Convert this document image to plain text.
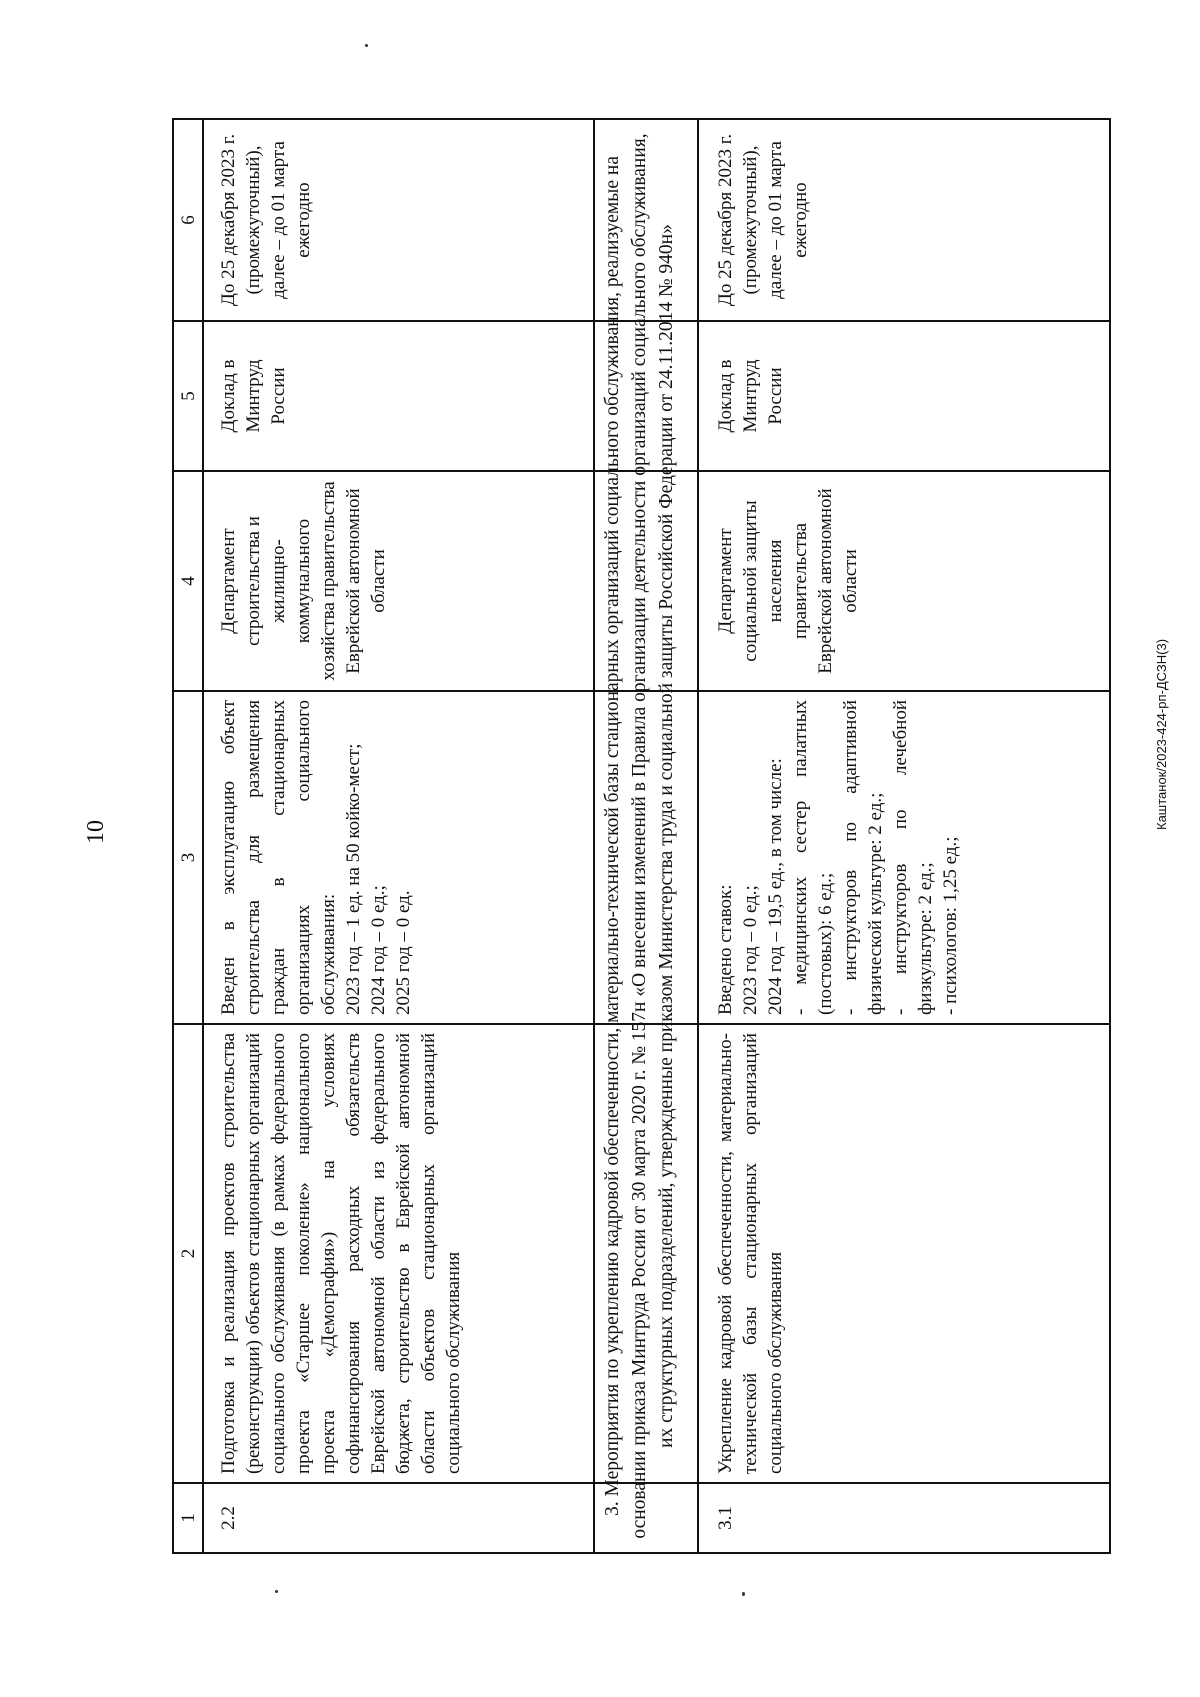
10
Каштанок/2023-424-рп-ДСЗН(3)
6
5
4
3
2
1
До 25 декабря 2023 г. (промежуточный), далее – до 01 марта ежегодно
Доклад в Минтруд России
Департамент строительства и жилищно-коммунального хозяйства правительства Еврейской автономной области
Введен в эксплуатацию объект строительства для размещения граждан в стационарных организациях социального обслуживания: 2023 год – 1 ед. на 50 койко-мест; 2024 год – 0 ед.; 2025 год – 0 ед.
Подготовка и реализация проектов строительства (реконструкции) объектов стационарных организаций социального обслуживания (в рамках федерального проекта «Старшее поколение» национального проекта «Демография») на условиях софинансирования расходных обязательств Еврейской автономной области из федерального бюджета, строительство в Еврейской автономной области объектов стационарных организаций социального обслуживания
2.2
3. Мероприятия по укреплению кадровой обеспеченности, материально-технической базы стационарных организаций социального обслуживания, реализуемые на основании приказа Минтруда России от 30 марта 2020 г. № 157н «О внесении изменений в Правила организации деятельности организаций социального обслуживания, их структурных подразделений, утвержденные приказом Министерства труда и социальной защиты Российской Федерации от 24.11.2014 № 940н»
До 25 декабря 2023 г. (промежуточный), далее – до 01 марта ежегодно
Доклад в Минтруд России
Департамент социальной защиты населения правительства Еврейской автономной области
Введено ставок: 2023 год – 0 ед.; 2024 год – 19,5 ед., в том числе: - медицинских сестер палатных (постовых): 6 ед.; - инструкторов по адаптивной физической культуре: 2 ед.; - инструкторов по лечебной физкультуре: 2 ед.; - психологов: 1,25 ед.;
Укрепление кадровой обеспеченности, материально-технической базы стационарных организаций социального обслуживания
3.1
